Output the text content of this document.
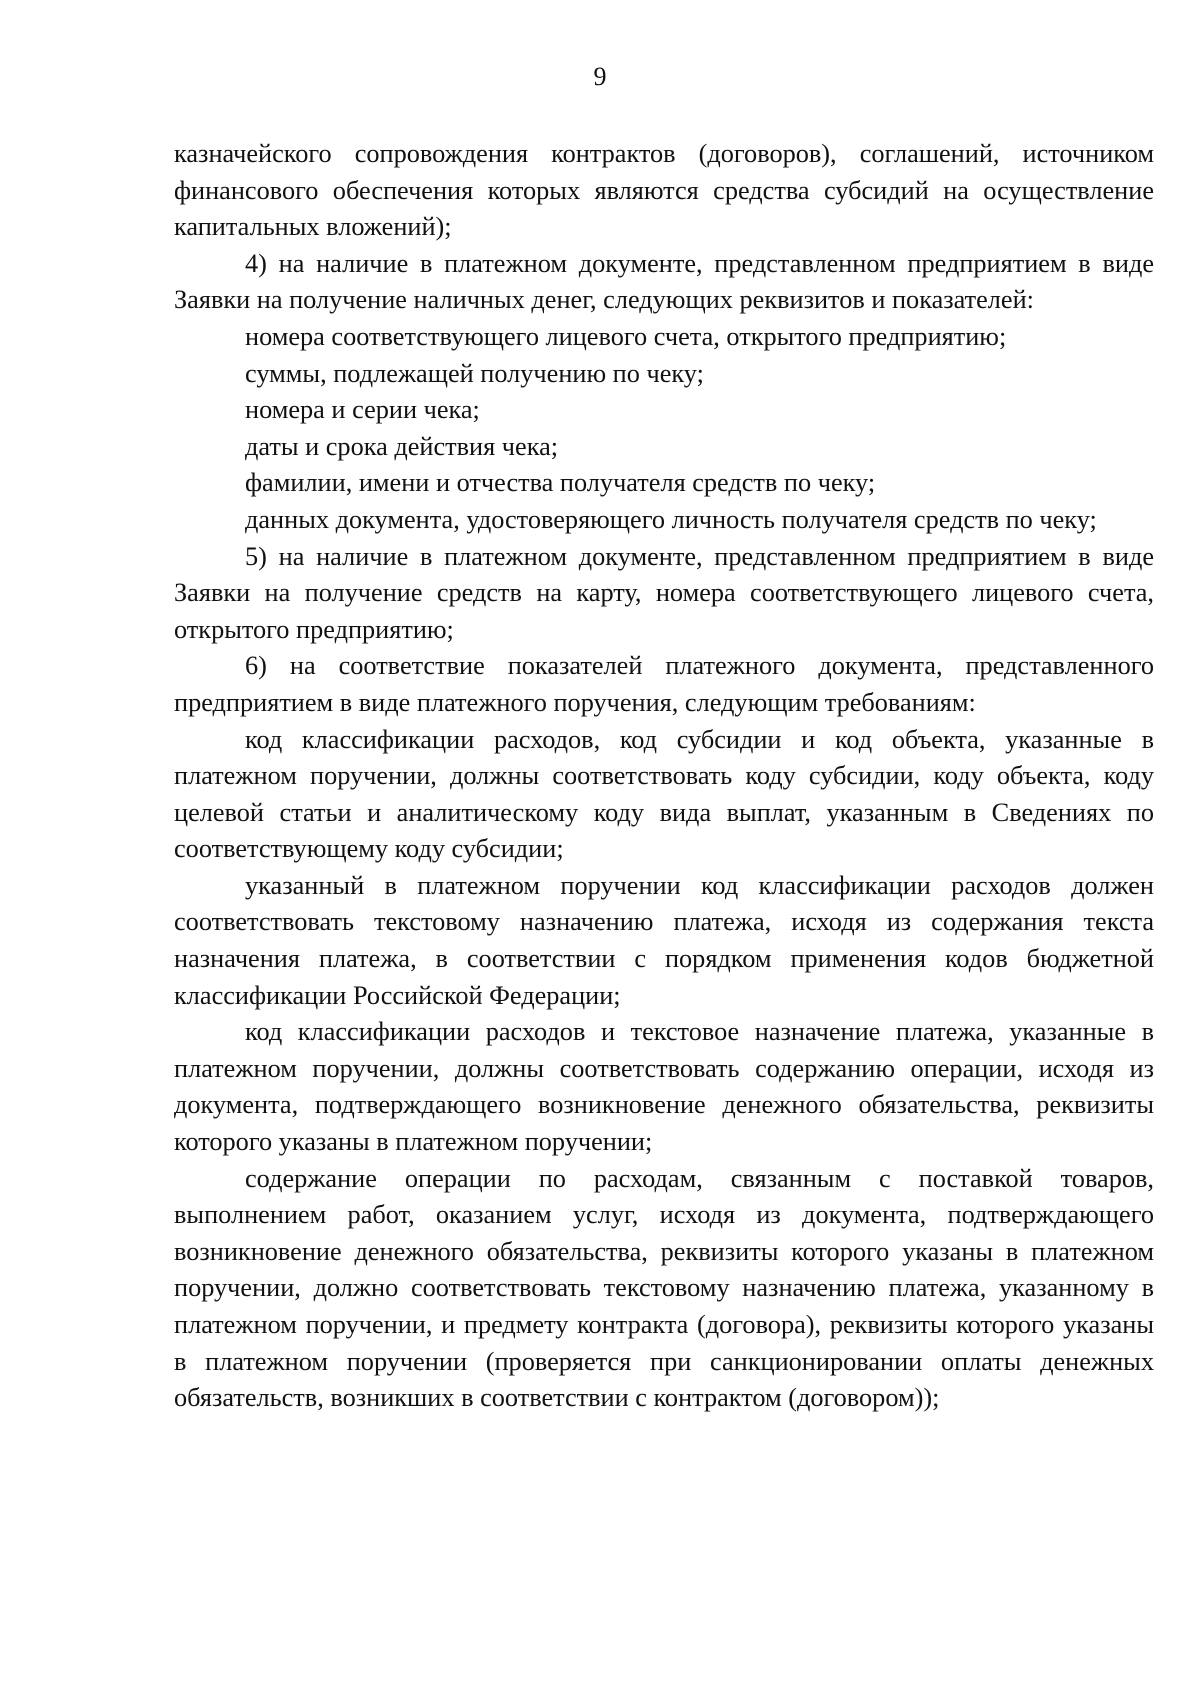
9

казначейского сопровождения контрактов (договоров), соглашений, источником финансового обеспечения которых являются средства субсидий на осуществление капитальных вложений);

4) на наличие в платежном документе, представленном предприятием в виде Заявки на получение наличных денег, следующих реквизитов и показателей:

номера соответствующего лицевого счета, открытого предприятию;

суммы, подлежащей получению по чеку;

номера и серии чека;

даты и срока действия чека;

фамилии, имени и отчества получателя средств по чеку;

данных документа, удостоверяющего личность получателя средств по чеку;

5) на наличие в платежном документе, представленном предприятием в виде Заявки на получение средств на карту, номера соответствующего лицевого счета, открытого предприятию;

6) на соответствие показателей платежного документа, представленного предприятием в виде платежного поручения, следующим требованиям:

код классификации расходов, код субсидии и код объекта, указанные в платежном поручении, должны соответствовать коду субсидии, коду объекта, коду целевой статьи и аналитическому коду вида выплат, указанным в Сведениях по соответствующему коду субсидии;

указанный в платежном поручении код классификации расходов должен соответствовать текстовому назначению платежа, исходя из содержания текста назначения платежа, в соответствии с порядком применения кодов бюджетной классификации Российской Федерации;

код классификации расходов и текстовое назначение платежа, указанные в платежном поручении, должны соответствовать содержанию операции, исходя из документа, подтверждающего возникновение денежного обязательства, реквизиты которого указаны в платежном поручении;

содержание операции по расходам, связанным с поставкой товаров, выполнением работ, оказанием услуг, исходя из документа, подтверждающего возникновение денежного обязательства, реквизиты которого указаны в платежном поручении, должно соответствовать текстовому назначению платежа, указанному в платежном поручении, и предмету контракта (договора), реквизиты которого указаны в платежном поручении (проверяется при санкционировании оплаты денежных обязательств, возникших в соответствии с контрактом (договором));
